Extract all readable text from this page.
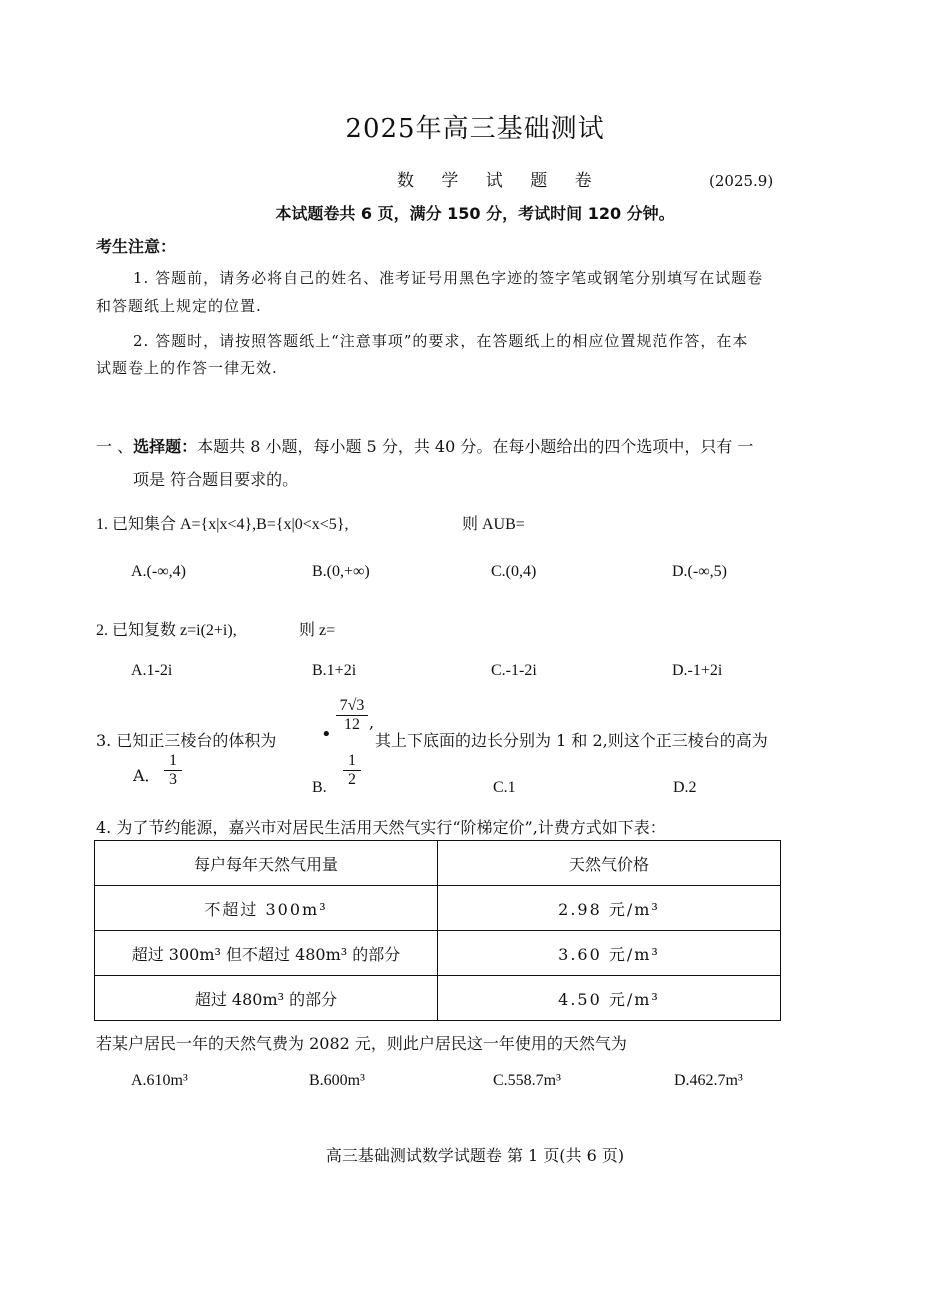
2025年高三基础测试
数 学 试 题 卷	(2025.9)
本试题卷共 6 页，满分 150 分，考试时间 120 分钟。
考生注意：
1. 答题前，请务必将自己的姓名、准考证号用黑色字迹的签字笔或钢笔分别填写在试题卷
和答题纸上规定的位置.
2. 答题时，请按照答题纸上“注意事项”的要求，在答题纸上的相应位置规范作答，在本
试题卷上的作答一律无效.
一 、选择题：本题共 8 小题，每小题 5 分，共 40 分。在每小题给出的四个选项中，只有 一
项是 符合题目要求的。
1. 已知集合 A={x|x<4},B={x|0<x<5},	则 AUB=
A.(-∞,4)	B.(0,+∞)	C.(0,4)	D.(-∞,5)
2. 已知复数 z=i(2+i),	则 z=
A.1-2i	B.1+2i	C.-1-2i	D.-1+2i
3. 已知正三棱台的体积为 •
$\frac{7√3}{12}$ ,
其上下底面的边长分别为 1 和 2,则这个正三棱台的高为
A． $\frac{1}{3}$	B. $\frac{1}{2}$	C.1	D.2
4. 为了节约能源，嘉兴市对居民生活用天然气实行“阶梯定价”,计费方式如下表：
每户每年天然气用量	天然气价格
不超过 300m³	2.98 元/m³
超过 300m³ 但不超过 480m³ 的部分	3.60 元/m³
超过 480m³ 的部分	4.50 元/m³
若某户居民一年的天然气费为 2082 元，则此户居民这一年使用的天然气为
A.610m³	B.600m³	C.558.7m³	D.462.7m³
高三基础测试数学试题卷 第 1 页(共 6 页)
